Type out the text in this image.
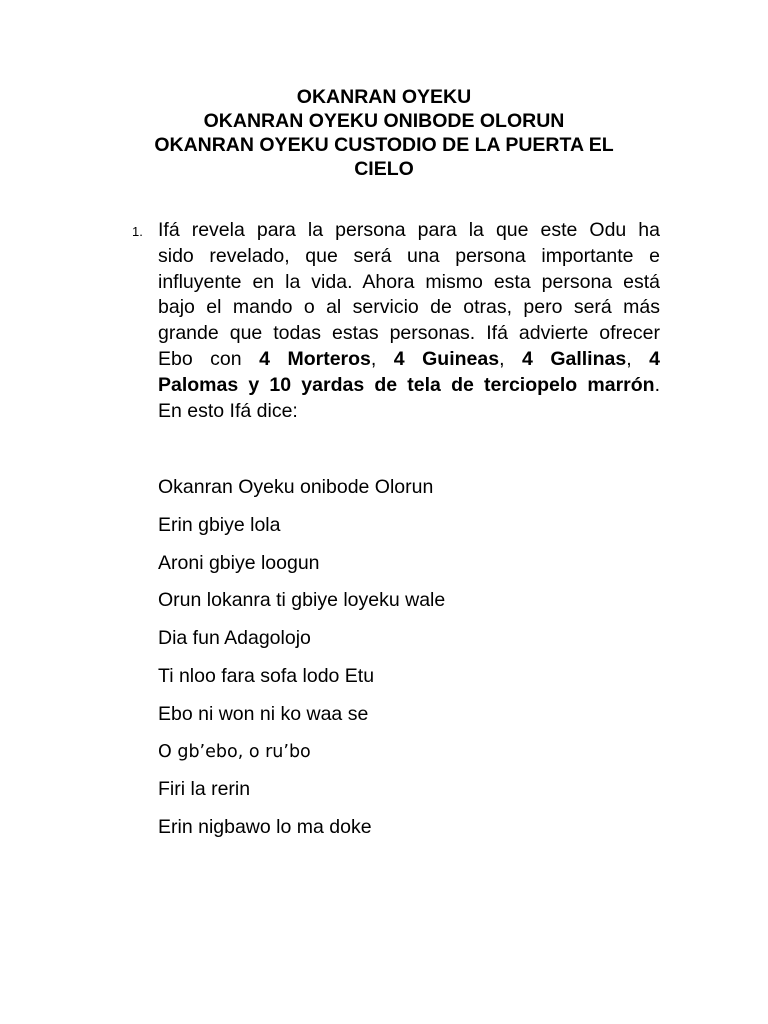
OKANRAN OYEKU
OKANRAN OYEKU ONIBODE OLORUN
OKANRAN OYEKU CUSTODIO DE LA PUERTA EL
CIELO
1. Ifá revela para la persona para la que este Odu ha
sido revelado, que será una persona importante e
influyente en la vida. Ahora mismo esta persona está
bajo el mando o al servicio de otras, pero será más
grande que todas estas personas. Ifá advierte ofrecer
Ebo con 4 Morteros, 4 Guineas, 4 Gallinas, 4
Palomas y 10 yardas de tela de terciopelo marrón.
En esto Ifá dice:
Okanran Oyeku onibode Olorun
Erin gbiye lola
Aroni gbiye loogun
Orun lokanra ti gbiye loyeku wale
Dia fun Adagolojo
Ti nloo fara sofa lodo Etu
Ebo ni won ni ko waa se
O gb’ebo, o ru’bo
Firi la rerin
Erin nigbawo lo ma doke
